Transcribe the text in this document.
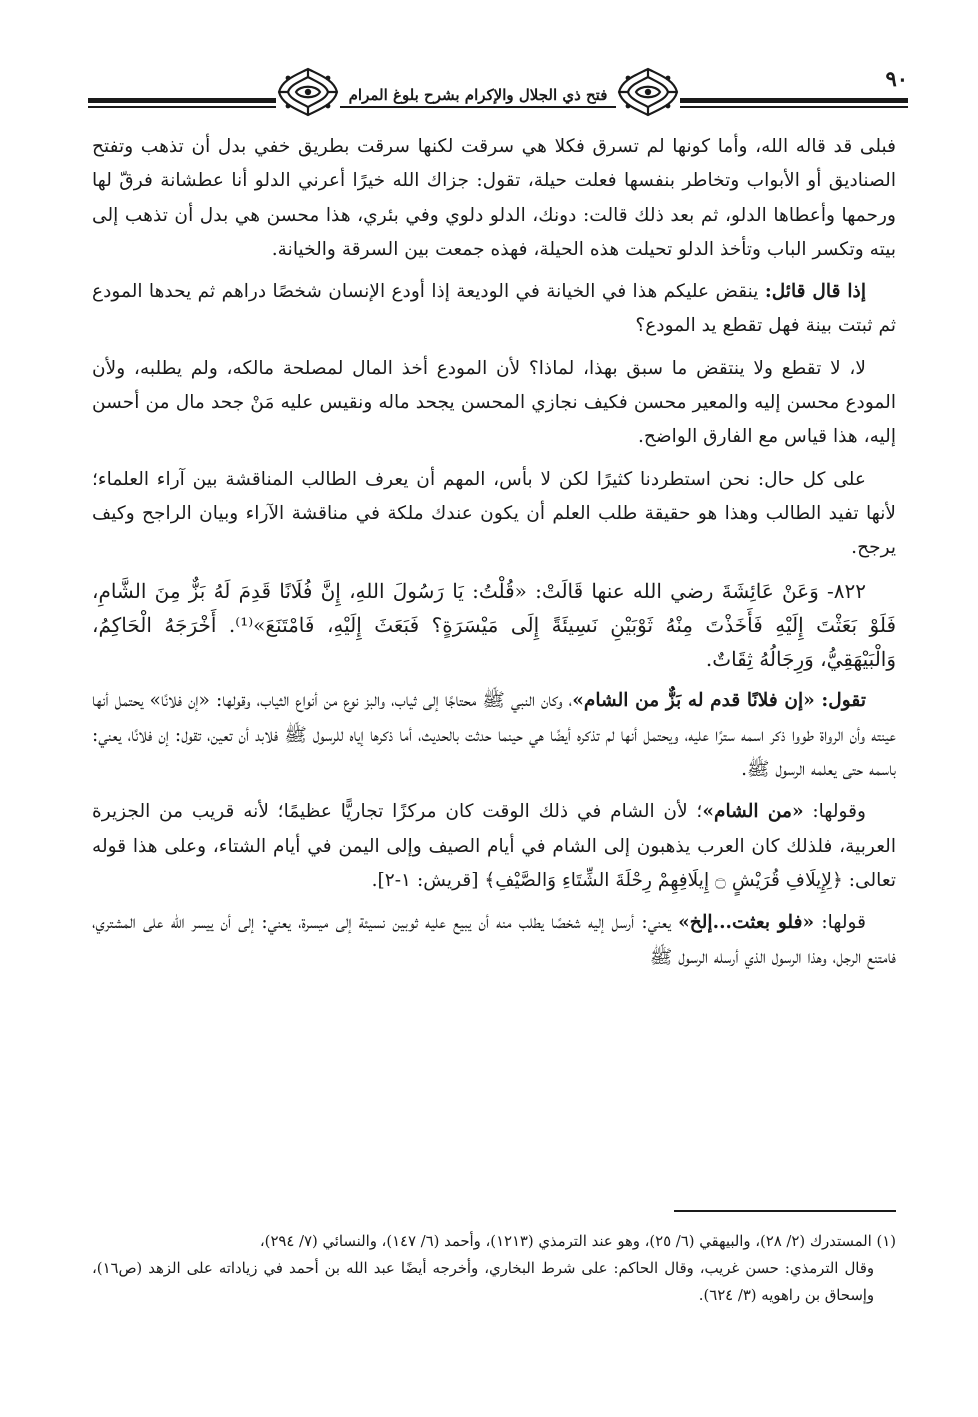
فتح ذي الجلال والإكرام بشرح بلوغ المرام
٩٠

فبلى قد قاله الله، وأما كونها لم تسرق فكلا هي سرقت لكنها سرقت بطريق خفي بدل أن تذهب وتفتح الصناديق أو الأبواب وتخاطر بنفسها فعلت حيلة، تقول: جزاك الله خيرًا أعرني الدلو أنا عطشانة فرقّ لها ورحمها وأعطاها الدلو، ثم بعد ذلك قالت: دونك، الدلو دلوي وفي بئري، هذا محسن هي بدل أن تذهب إلى بيته وتكسر الباب وتأخذ الدلو تحيلت هذه الحيلة، فهذه جمعت بين السرقة والخيانة.

إذا قال قائل: ينقض عليكم هذا في الخيانة في الوديعة إذا أودع الإنسان شخصًا دراهم ثم يحدها المودع ثم ثبتت بينة فهل تقطع يد المودع؟

لا، لا تقطع ولا ينتقض ما سبق بهذا، لماذا؟ لأن المودع أخذ المال لمصلحة مالكه، ولم يطلبه، ولأن المودع محسن إليه والمعير محسن فكيف نجازي المحسن يجحد ماله ونقيس عليه مَنْ جحد مال من أحسن إليه، هذا قياس مع الفارق الواضح.

على كل حال: نحن استطردنا كثيرًا لكن لا بأس، المهم أن يعرف الطالب المناقشة بين آراء العلماء؛ لأنها تفيد الطالب وهذا هو حقيقة طلب العلم أن يكون عندك ملكة في مناقشة الآراء وبيان الراجح وكيف يرجح.

٨٢٢- وَعَنْ عَائِشَةَ رضي الله عنها قَالَتْ: «قُلْتُ: يَا رَسُولَ اللهِ، إِنَّ فُلَانًا قَدِمَ لَهُ بَزٌّ مِنَ الشَّامِ، فَلَوْ بَعَثْتَ إِلَيْهِ فَأَخَذْتَ مِنْهُ ثَوْبَيْنِ نَسِيئَةً إِلَى مَيْسَرَةٍ؟ فَبَعَثَ إِلَيْهِ، فَامْتَنَعَ»⁽¹⁾. أَخْرَجَهُ الْحَاكِمُ، وَالْبَيْهَقِيُّ، وَرِجَالُهُ ثِقَاتٌ.

تقول: «إن فلانًا قدم له بَزٌّ من الشام»، وكان النبي ﷺ محتاجًا إلى ثياب، والبز نوع من أنواع الثياب، وقولها: «إن فلانًا» يحتمل أنها عينته وأن الرواة طووا ذكر اسمه سترًا عليه، ويحتمل أنها لم تذكره أيضًا هي حينما حدثت بالحديث، أما ذكرها إياه للرسول ﷺ فلابد أن تعين، تقول: إن فلانًا، يعني: باسمه حتى يعلمه الرسول ﷺ.

وقولها: «من الشام»؛ لأن الشام في ذلك الوقت كان مركزًا تجاريًّا عظيمًا؛ لأنه قريب من الجزيرة العربية، فلذلك كان العرب يذهبون إلى الشام في أيام الصيف وإلى اليمن في أيام الشتاء، وعلى هذا قوله تعالى: ﴿لِإِيلَافِ قُرَيْشٍ ۝ إِيلَافِهِمْ رِحْلَةَ الشِّتَاءِ وَالصَّيْفِ﴾ [قريش: ١-٢].

قولها: «فلو بعثت...إلخ» يعني: أرسل إليه شخصًا يطلب منه أن يبيع عليه ثوبين نسيئة إلى ميسرة، يعني: إلى أن ييسر الله على المشتري، فامتنع الرجل، وهذا الرسول الذي أرسله الرسول ﷺ

(١) المستدرك (٢/ ٢٨)، والبيهقي (٦/ ٢٥)، وهو عند الترمذي (١٢١٣)، وأحمد (٦/ ١٤٧)، والنسائي (٧/ ٢٩٤)،

وقال الترمذي: حسن غريب، وقال الحاكم: على شرط البخاري، وأخرجه أيضًا عبد الله بن أحمد في زياداته على الزهد (ص١٦)، وإسحاق بن راهويه (٣/ ٦٢٤).
